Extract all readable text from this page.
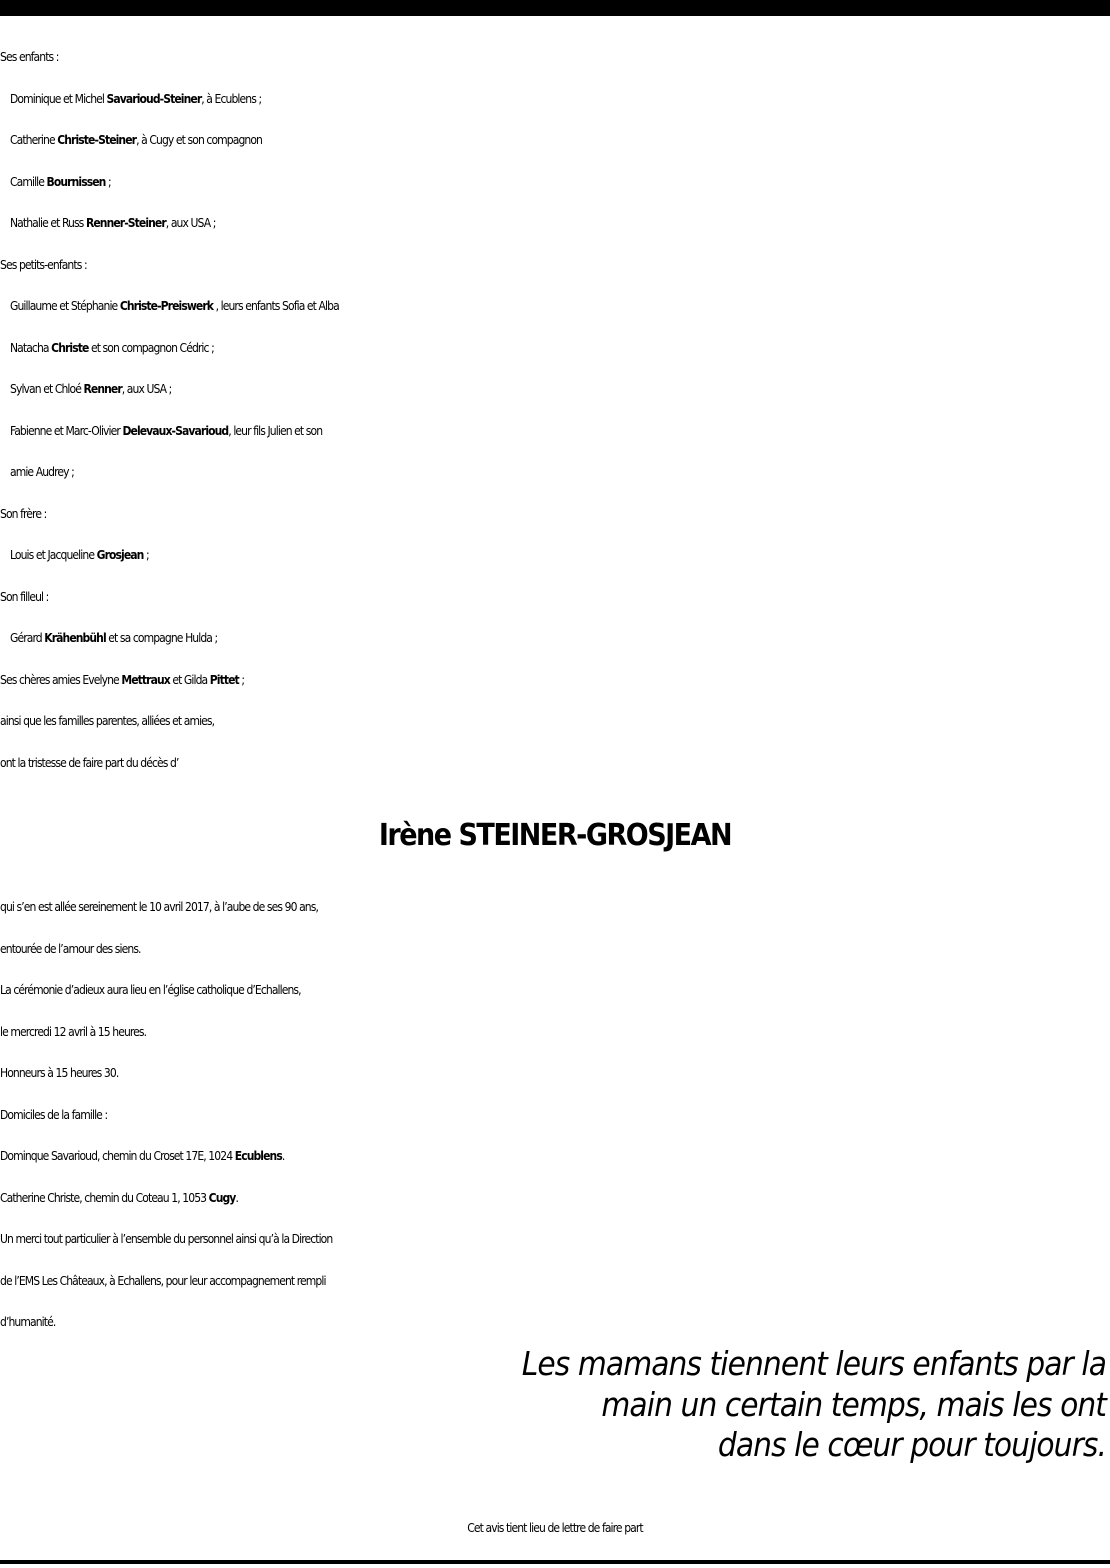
Ses enfants :
Dominique et Michel Savarioud-Steiner, à Ecublens ;
Catherine Christe-Steiner, à Cugy et son compagnon
Camille Bournissen ;
Nathalie et Russ Renner-Steiner, aux USA ;
Ses petits-enfants :
Guillaume et Stéphanie Christe-Preiswerk , leurs enfants Sofia et Alba
Natacha Christe et son compagnon Cédric ;
Sylvan et Chloé Renner, aux USA ;
Fabienne et Marc-Olivier Delevaux-Savarioud, leur fils Julien et son
amie Audrey ;
Son frère :
Louis et Jacqueline Grosjean ;
Son filleul :
Gérard Krähenbühl et sa compagne Hulda ;
Ses chères amies Evelyne Mettraux et Gilda Pittet ;
ainsi que les familles parentes, alliées et amies,
ont la tristesse de faire part du décès d’
Irène STEINER-GROSJEAN
qui s’en est allée sereinement le 10 avril 2017, à l’aube de ses 90 ans,
entourée de l’amour des siens.
La cérémonie d’adieux aura lieu en l’église catholique d’Echallens,
le mercredi 12 avril à 15 heures.
Honneurs à 15 heures 30.
Domiciles de la famille :
Dominque Savarioud, chemin du Croset 17E, 1024 Ecublens.
Catherine Christe, chemin du Coteau 1, 1053 Cugy.
Un merci tout particulier à l’ensemble du personnel ainsi qu’à la Direction
de l’EMS Les Châteaux, à Echallens, pour leur accompagnement rempli
d’humanité.
Les mamans tiennent leurs enfants par la
main un certain temps, mais les ont
dans le cœur pour toujours.
Cet avis tient lieu de lettre de faire part
